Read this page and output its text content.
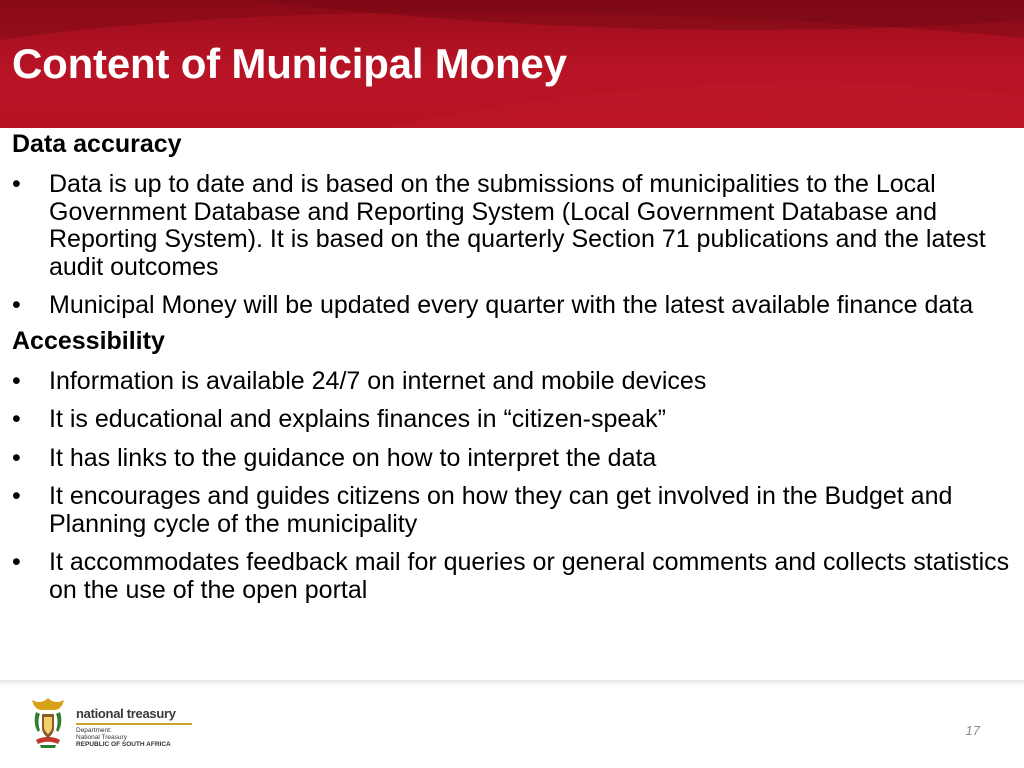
Content of Municipal Money
Data accuracy
• Data is up to date and is based on the submissions of municipalities to the Local Government Database and Reporting System (Local Government Database and Reporting System). It is based on the quarterly Section 71 publications and the latest audit outcomes
• Municipal Money will be updated every quarter with the latest available finance data
Accessibility
• Information is available 24/7 on internet and mobile devices
• It is educational and explains finances in “citizen-speak”
• It has links to the guidance on how to interpret the data
• It encourages and guides citizens on how they can get involved in the Budget and Planning cycle of the municipality
• It accommodates feedback mail for queries or general comments and collects statistics on the use of the open portal
national treasury
Department:
National Treasury
REPUBLIC OF SOUTH AFRICA
17
